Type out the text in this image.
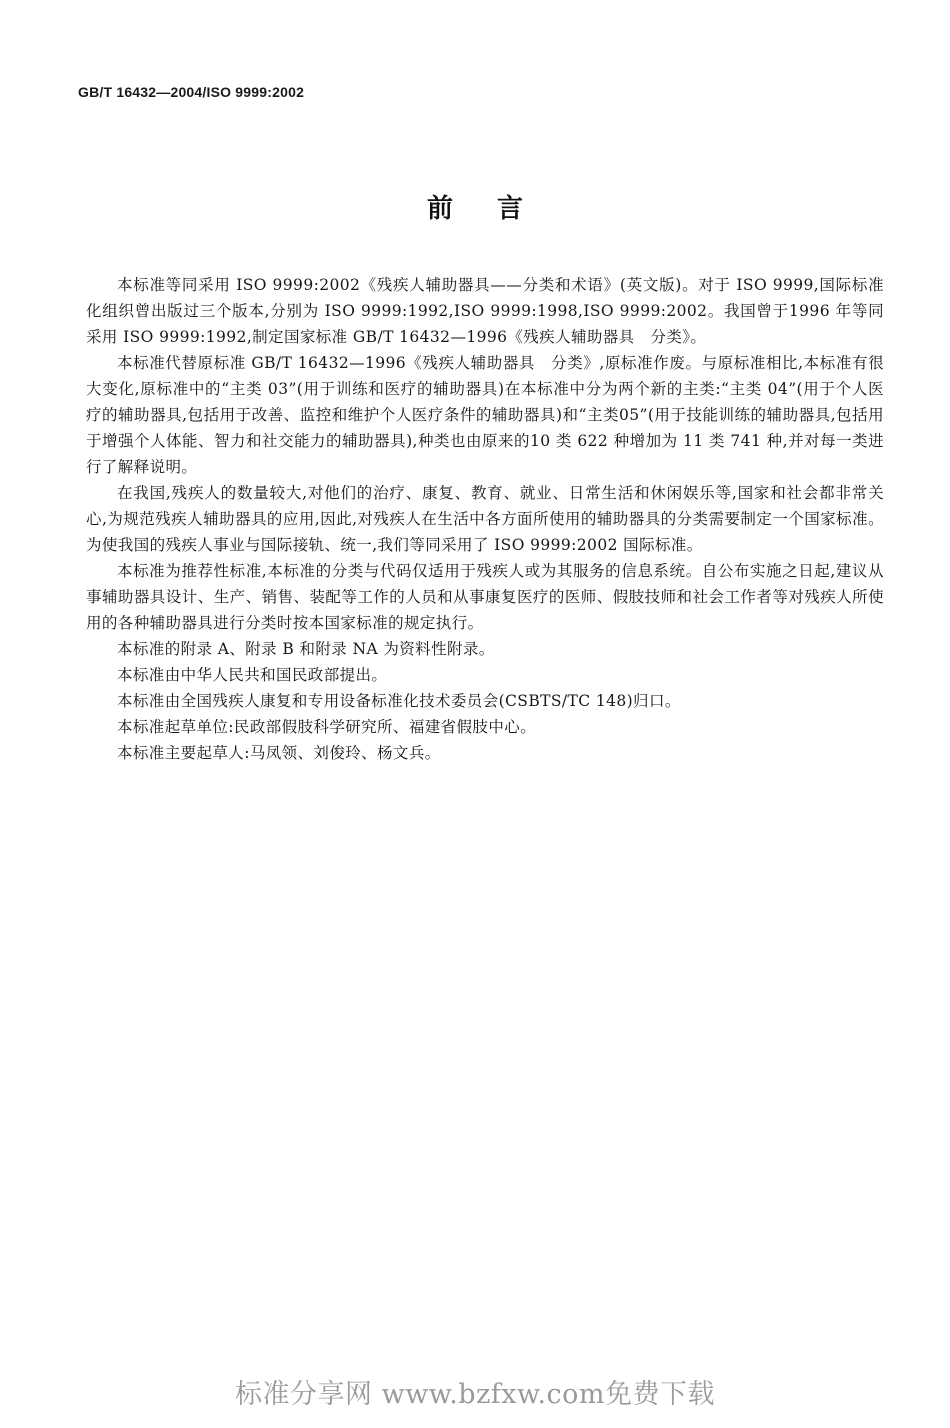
GB/T 16432—2004/ISO 9999:2002
前言

本标准等同采用 ISO 9999:2002《残疾人辅助器具——分类和术语》(英文版)。对于 ISO 9999,国际标准化组织曾出版过三个版本,分别为 ISO 9999:1992,ISO 9999:1998,ISO 9999:2002。我国曾于1996 年等同采用 ISO 9999:1992,制定国家标准 GB/T 16432—1996《残疾人辅助器具　分类》。

本标准代替原标准 GB/T 16432—1996《残疾人辅助器具　分类》,原标准作废。与原标准相比,本标准有很大变化,原标准中的“主类 03”(用于训练和医疗的辅助器具)在本标准中分为两个新的主类:“主类 04”(用于个人医疗的辅助器具,包括用于改善、监控和维护个人医疗条件的辅助器具)和“主类05”(用于技能训练的辅助器具,包括用于增强个人体能、智力和社交能力的辅助器具),种类也由原来的10 类 622 种增加为 11 类 741 种,并对每一类进行了解释说明。

在我国,残疾人的数量较大,对他们的治疗、康复、教育、就业、日常生活和休闲娱乐等,国家和社会都非常关心,为规范残疾人辅助器具的应用,因此,对残疾人在生活中各方面所使用的辅助器具的分类需要制定一个国家标准。为使我国的残疾人事业与国际接轨、统一,我们等同采用了 ISO 9999:2002 国际标准。

本标准为推荐性标准,本标准的分类与代码仅适用于残疾人或为其服务的信息系统。自公布实施之日起,建议从事辅助器具设计、生产、销售、装配等工作的人员和从事康复医疗的医师、假肢技师和社会工作者等对残疾人所使用的各种辅助器具进行分类时按本国家标准的规定执行。

本标准的附录 A、附录 B 和附录 NA 为资料性附录。

本标准由中华人民共和国民政部提出。

本标准由全国残疾人康复和专用设备标准化技术委员会(CSBTS/TC 148)归口。

本标准起草单位:民政部假肢科学研究所、福建省假肢中心。

本标准主要起草人:马凤领、刘俊玲、杨文兵。

标准分享网 www.bzfxw.com免费下载
